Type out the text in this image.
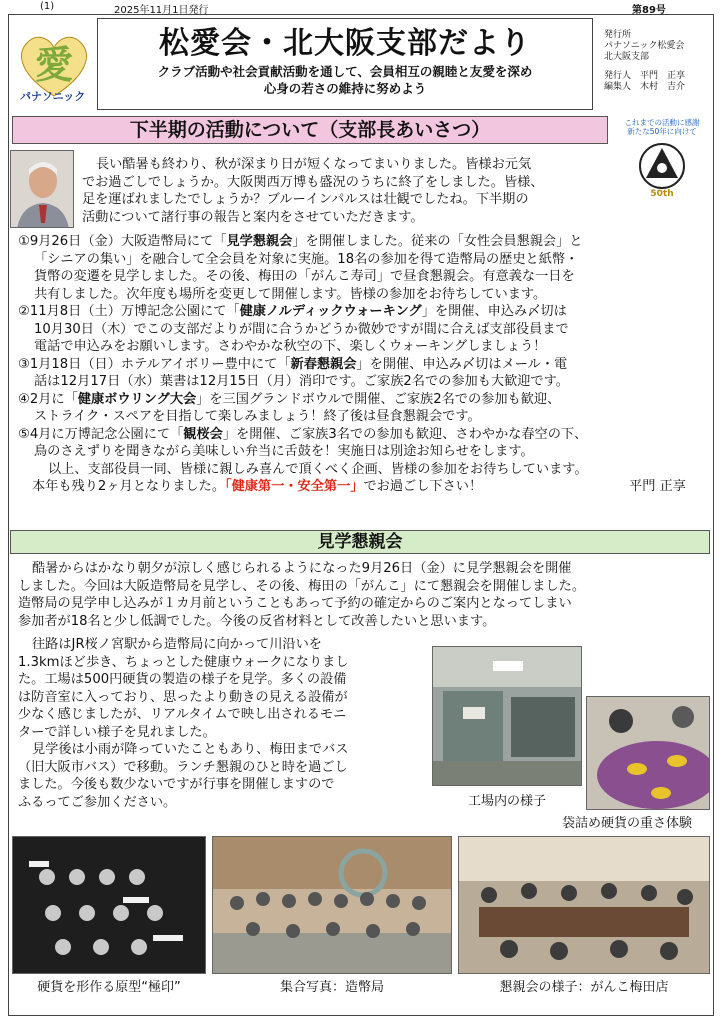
(1)	2025年11月1日発行	第89号
愛
パナソニック
松愛会・北大阪支部だより
クラブ活動や社会貢献活動を通して、会員相互の親睦と友愛を深め
心身の若さの維持に努めよう
発行所
パナソニック松愛会
北大阪支部
発行人　平門　正享
編集人　木村　吉介
下半期の活動について（支部長あいさつ）	これまでの活動に感謝
新たな50年に向けて
50th
長い酷暑も終わり、秋が深まり日が短くなってまいりました。皆様お元気
でお過ごしでしょうか。大阪関西万博も盛況のうちに終了をしました。皆様、
足を運ばれましたでしょうか？ブルーインパルスは壮観でしたね。下半期の
活動について諸行事の報告と案内をさせていただきます。
①9月26日（金）大阪造幣局にて「見学懇親会」を開催しました。従来の「女性会員懇親会」と
「シニアの集い」を融合して全会員を対象に実施。18名の参加を得て造幣局の歴史と紙幣・
貨幣の変遷を見学しました。その後、梅田の「がんこ寿司」で昼食懇親会。有意義な一日を
共有しました。次年度も場所を変更して開催します。皆様の参加をお待ちしています。
②11月8日（土）万博記念公園にて「健康ノルディックウォーキング」を開催、申込み〆切は
10月30日（木）でこの支部だよりが間に合うかどうか微妙ですが間に合えば支部役員まで
電話で申込みをお願いします。さわやかな秋空の下、楽しくウォーキングしましょう！
③1月18日（日）ホテルアイボリー豊中にて「新春懇親会」を開催、申込み〆切はメール・電
話は12月17日（水）葉書は12月15日（月）消印です。ご家族2名での参加も大歓迎です。
④2月に「健康ボウリング大会」を三国グランドボウルで開催、ご家族2名での参加も歓迎、
ストライク・スペアを目指して楽しみましょう！終了後は昼食懇親会です。
⑤4月に万博記念公園にて「観桜会」を開催、ご家族3名での参加も歓迎、さわやかな春空の下、
鳥のさえずりを聞きながら美味しい弁当に舌鼓を！実施日は別途お知らせをします。
以上、支部役員一同、皆様に親しみ喜んで頂くべく企画、皆様の参加をお待ちしています。
本年も残り2ヶ月となりました。「健康第一・安全第一」でお過ごし下さい！	平門 正享
見学懇親会
酷暑からはかなり朝夕が涼しく感じられるようになった9月26日（金）に見学懇親会を開催
しました。今回は大阪造幣局を見学し、その後、梅田の「がんこ」にて懇親会を開催しました。
造幣局の見学申し込みが１カ月前ということもあって予約の確定からのご案内となってしまい
参加者が18名と少し低調でした。今後の反省材料として改善したいと思います。
往路はJR桜ノ宮駅から造幣局に向かって川沿いを
1.3kmほど歩き、ちょっとした健康ウォークになりまし
た。工場は500円硬貨の製造の様子を見学。多くの設備
は防音室に入っており、思ったより動きの見える設備が
少なく感じましたが、リアルタイムで映し出されるモニ
ターで詳しい様子を見れました。
見学後は小雨が降っていたこともあり、梅田までバス
（旧大阪市バス）で移動。ランチ懇親のひと時を過ごし
ました。今後も数少ないですが行事を開催しますので
ふるってご参加ください。	工場内の様子
袋詰め硬貨の重さ体験
硬貨を形作る原型“極印”	集合写真：造幣局	懇親会の様子：がんこ梅田店
